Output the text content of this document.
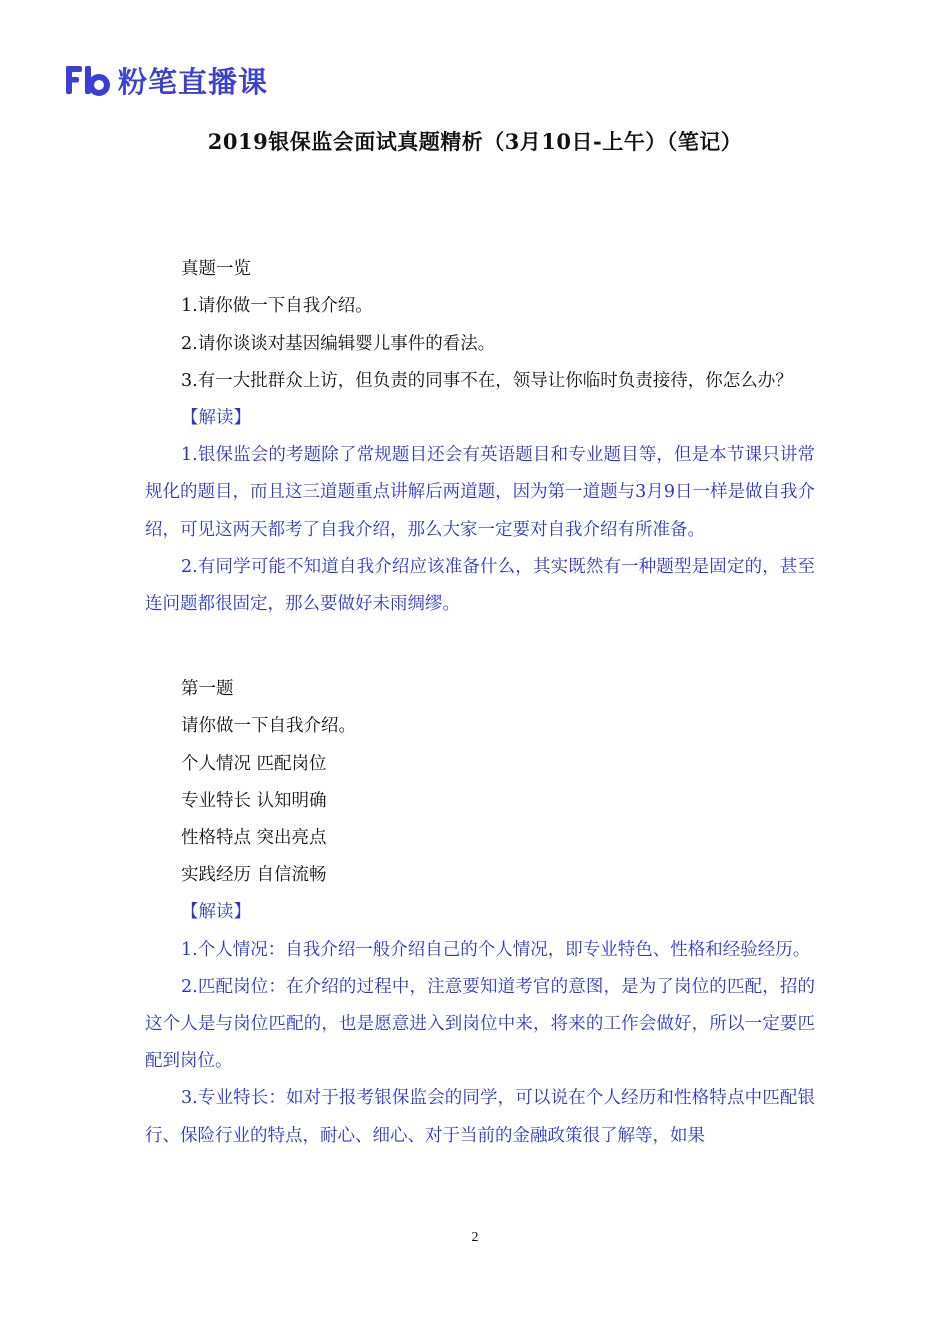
粉笔直播课
2019银保监会面试真题精析（3月10日-上午）（笔记）

真题一览

1.请你做一下自我介绍。

2.请你谈谈对基因编辑婴儿事件的看法。

3.有一大批群众上访，但负责的同事不在，领导让你临时负责接待，你怎么办？

【解读】

1.银保监会的考题除了常规题目还会有英语题目和专业题目等，但是本节课只讲常规化的题目，而且这三道题重点讲解后两道题，因为第一道题与3月9日一样是做自我介绍，可见这两天都考了自我介绍，那么大家一定要对自我介绍有所准备。

2.有同学可能不知道自我介绍应该准备什么，其实既然有一种题型是固定的，甚至连问题都很固定，那么要做好未雨绸缪。

第一题

请你做一下自我介绍。

个人情况 匹配岗位

专业特长 认知明确

性格特点 突出亮点

实践经历 自信流畅

【解读】

1.个人情况：自我介绍一般介绍自己的个人情况，即专业特色、性格和经验经历。

2.匹配岗位：在介绍的过程中，注意要知道考官的意图，是为了岗位的匹配，招的这个人是与岗位匹配的，也是愿意进入到岗位中来，将来的工作会做好，所以一定要匹配到岗位。

3.专业特长：如对于报考银保监会的同学，可以说在个人经历和性格特点中匹配银行、保险行业的特点，耐心、细心、对于当前的金融政策很了解等，如果

2
